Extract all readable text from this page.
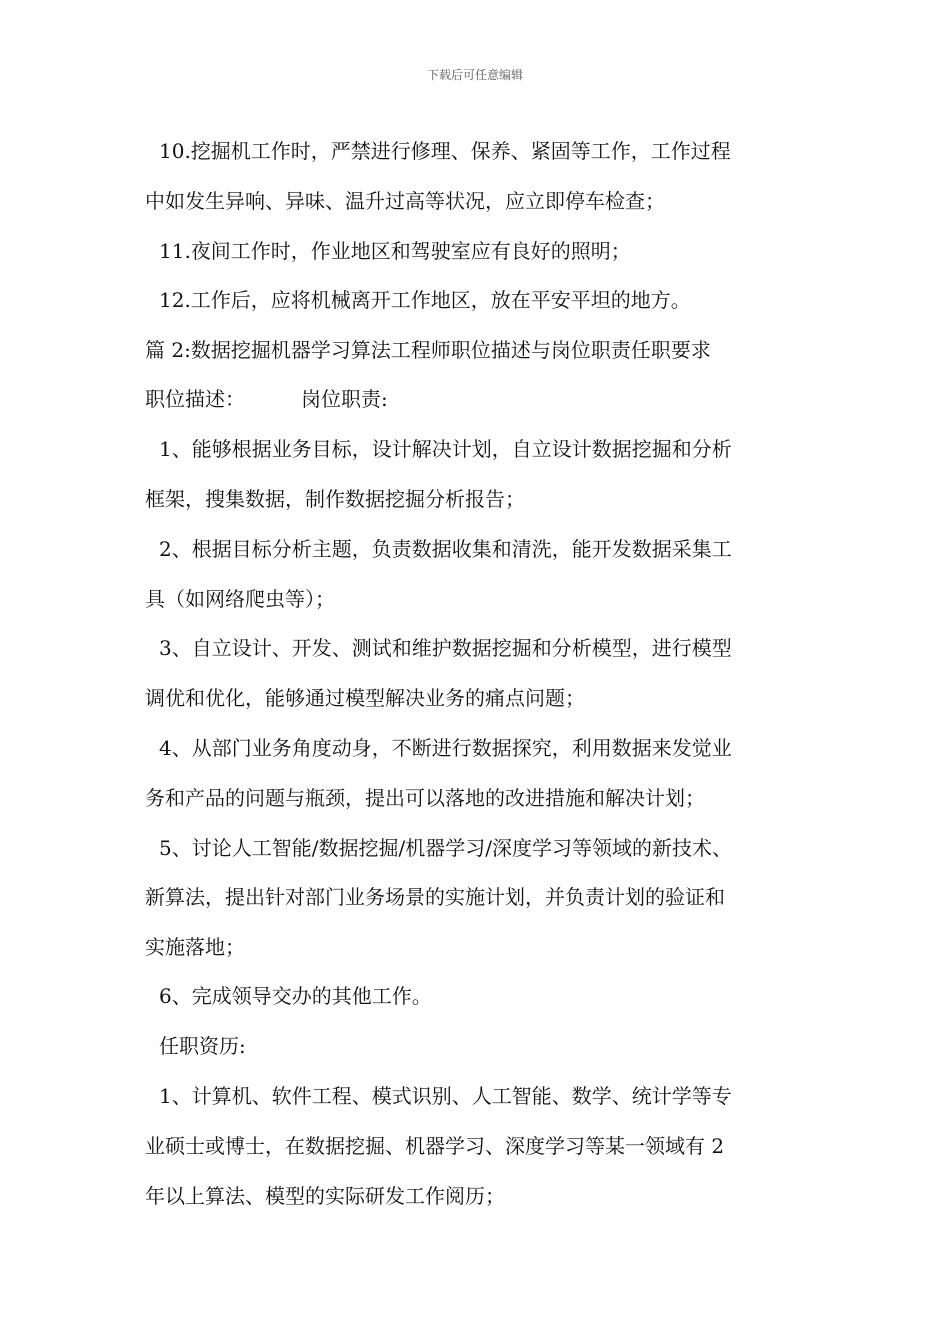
下载后可任意编辑
10.挖掘机工作时，严禁进行修理、保养、紧固等工作，工作过程
中如发生异响、异味、温升过高等状况，应立即停车检查；
11.夜间工作时，作业地区和驾驶室应有良好的照明；
12.工作后，应将机械离开工作地区，放在平安平坦的地方。
篇 2:数据挖掘机器学习算法工程师职位描述与岗位职责任职要求
职位描述：	岗位职责:
1、能够根据业务目标，设计解决计划，自立设计数据挖掘和分析
框架，搜集数据，制作数据挖掘分析报告；
2、根据目标分析主题，负责数据收集和清洗，能开发数据采集工
具（如网络爬虫等）；
3、自立设计、开发、测试和维护数据挖掘和分析模型，进行模型
调优和优化，能够通过模型解决业务的痛点问题；
4、从部门业务角度动身，不断进行数据探究，利用数据来发觉业
务和产品的问题与瓶颈，提出可以落地的改进措施和解决计划；
5、讨论人工智能/数据挖掘/机器学习/深度学习等领域的新技术、
新算法，提出针对部门业务场景的实施计划，并负责计划的验证和
实施落地；
6、完成领导交办的其他工作。
任职资历:
1、计算机、软件工程、模式识别、人工智能、数学、统计学等专
业硕士或博士，在数据挖掘、机器学习、深度学习等某一领域有 2
年以上算法、模型的实际研发工作阅历；
